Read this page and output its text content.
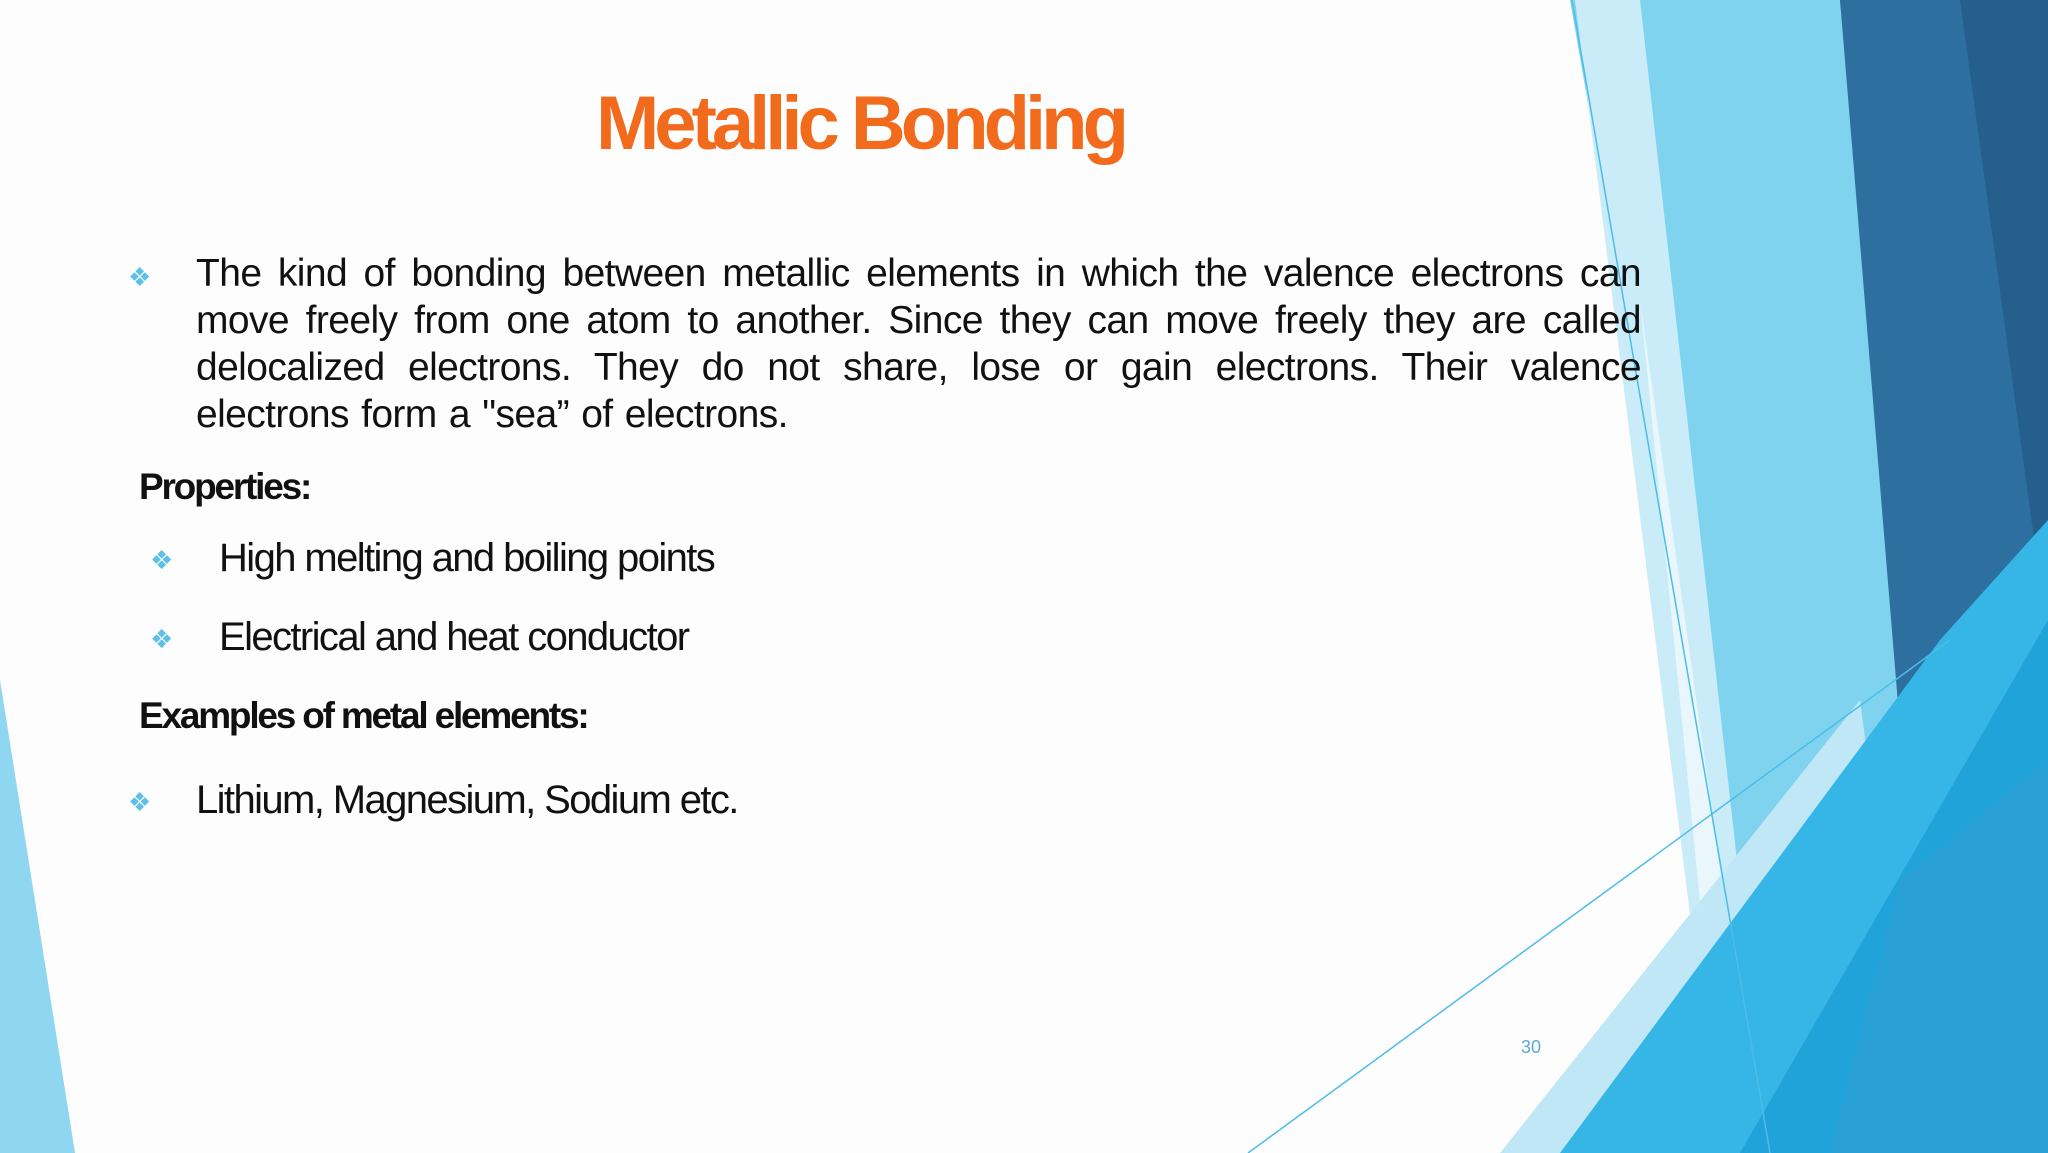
Metallic Bonding
❖ The kind of bonding between metallic elements in which the valence electrons can move freely from one atom to another. Since they can move freely they are called delocalized electrons. They do not share, lose or gain electrons. Their valence electrons form a "sea” of electrons.

Properties:
❖ High melting and boiling points

❖ Electrical and heat conductor

Examples of metal elements:
❖ Lithium, Magnesium, Sodium etc.

30
